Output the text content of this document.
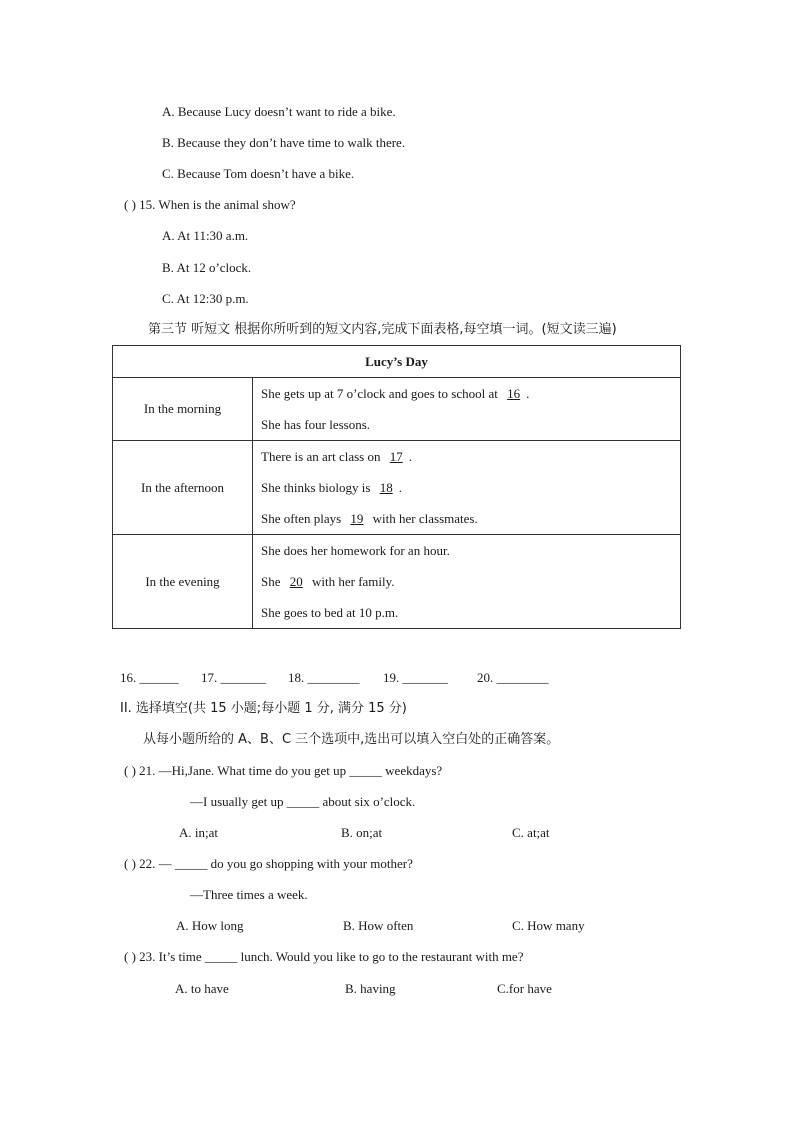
A. Because Lucy doesn’t want to ride a bike.
B. Because they don’t have time to walk there.
C. Because Tom doesn’t have a bike.
( ) 15. When is the animal show?
A. At 11:30 a.m.
B. At 12 o’clock.
C. At 12:30 p.m.
第三节 听短文 根据你所听到的短文内容,完成下面表格,每空填一词。(短文读三遍)
Lucy’s Day	
In the morning	She gets up at 7 o’clock and goes to school at 16 .
She has four lessons.

In the afternoon	There is an art class on 17 .
She thinks biology is 18 .
She often plays 19 with her classmates.

In the evening	She does her homework for an hour.
She 20 with her family.
She goes to bed at 10 p.m.
16. ______ 17. _______ 18. ________ 19. _______ 20. ________
II. 选择填空(共 15 小题;每小题 1 分, 满分 15 分)
从每小题所给的 A、B、C 三个选项中,选出可以填入空白处的正确答案。
( ) 21. —Hi,Jane. What time do you get up _____ weekdays?
—I usually get up _____ about six o’clock.
A. in;at	B. on;at	C. at;at
( ) 22. — _____ do you go shopping with your mother?
—Three times a week.
A. How long	B. How often	C. How many
( ) 23. It’s time _____ lunch. Would you like to go to the restaurant with me?
A. to have	B. having	C.for have
